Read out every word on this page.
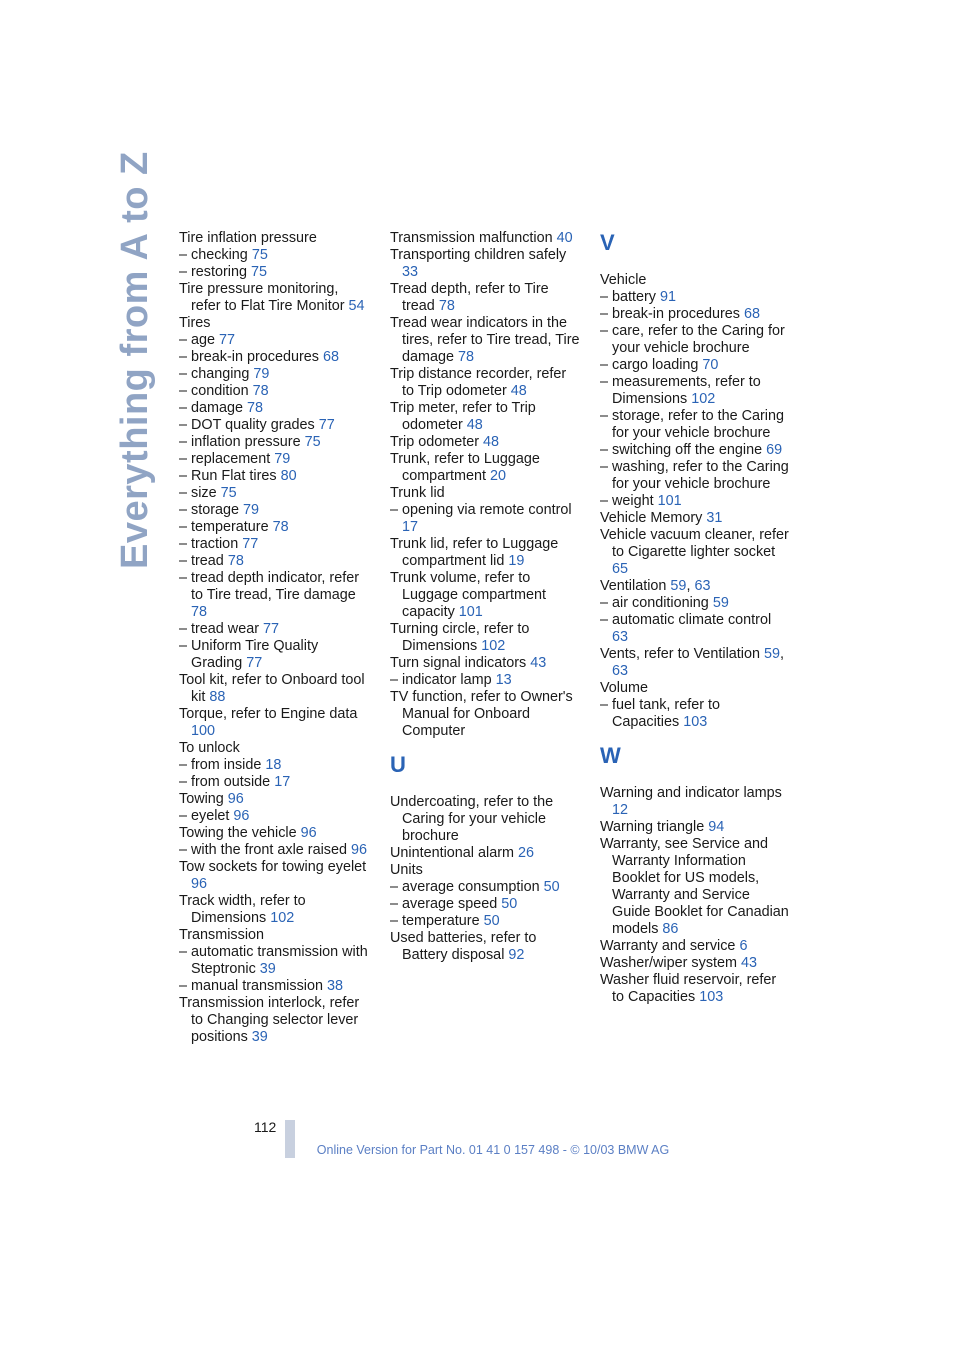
Everything from A to Z Tire inflation pressure
– checking 75
– restoring 75
Tire pressure monitoring, refer to Flat Tire Monitor 54
Tires
– age 77
– break-in procedures 68
– changing 79
– condition 78
– damage 78
– DOT quality grades 77
– inflation pressure 75
– replacement 79
– Run Flat tires 80
– size 75
– storage 79
– temperature 78
– traction 77
– tread 78
– tread depth indicator, refer to Tire tread, Tire damage 78
– tread wear 77
– Uniform Tire Quality Grading 77
Tool kit, refer to Onboard tool kit 88
Torque, refer to Engine data 100
To unlock
– from inside 18
– from outside 17
Towing 96
– eyelet 96
Towing the vehicle 96
– with the front axle raised 96
Tow sockets for towing eyelet 96
Track width, refer to Dimensions 102
Transmission
– automatic transmission with Steptronic 39
– manual transmission 38
Transmission interlock, refer to Changing selector lever positions 39
Transmission malfunction 40
Transporting children safely 33
Tread depth, refer to Tire tread 78
Tread wear indicators in the tires, refer to Tire tread, Tire damage 78
Trip distance recorder, refer to Trip odometer 48
Trip meter, refer to Trip odometer 48
Trip odometer 48
Trunk, refer to Luggage compartment 20
Trunk lid
– opening via remote control 17
Trunk lid, refer to Luggage compartment lid 19
Trunk volume, refer to Luggage compartment capacity 101
Turning circle, refer to Dimensions 102
Turn signal indicators 43
– indicator lamp 13
TV function, refer to Owner's Manual for Onboard Computer
U
Undercoating, refer to the Caring for your vehicle brochure
Unintentional alarm 26
Units
– average consumption 50
– average speed 50
– temperature 50
Used batteries, refer to Battery disposal 92
V
Vehicle
– battery 91
– break-in procedures 68
– care, refer to the Caring for your vehicle brochure
– cargo loading 70
– measurements, refer to Dimensions 102
– storage, refer to the Caring for your vehicle brochure
– switching off the engine 69
– washing, refer to the Caring for your vehicle brochure
– weight 101
Vehicle Memory 31
Vehicle vacuum cleaner, refer to Cigarette lighter socket 65
Ventilation 59, 63
– air conditioning 59
– automatic climate control 63
Vents, refer to Ventilation 59, 63
Volume
– fuel tank, refer to Capacities 103
W
Warning and indicator lamps 12
Warning triangle 94
Warranty, see Service and Warranty Information Booklet for US models, Warranty and Service Guide Booklet for Canadian models 86
Warranty and service 6
Washer/wiper system 43
Washer fluid reservoir, refer to Capacities 103
112
Online Version for Part No. 01 41 0 157 498 - © 10/03 BMW AG
